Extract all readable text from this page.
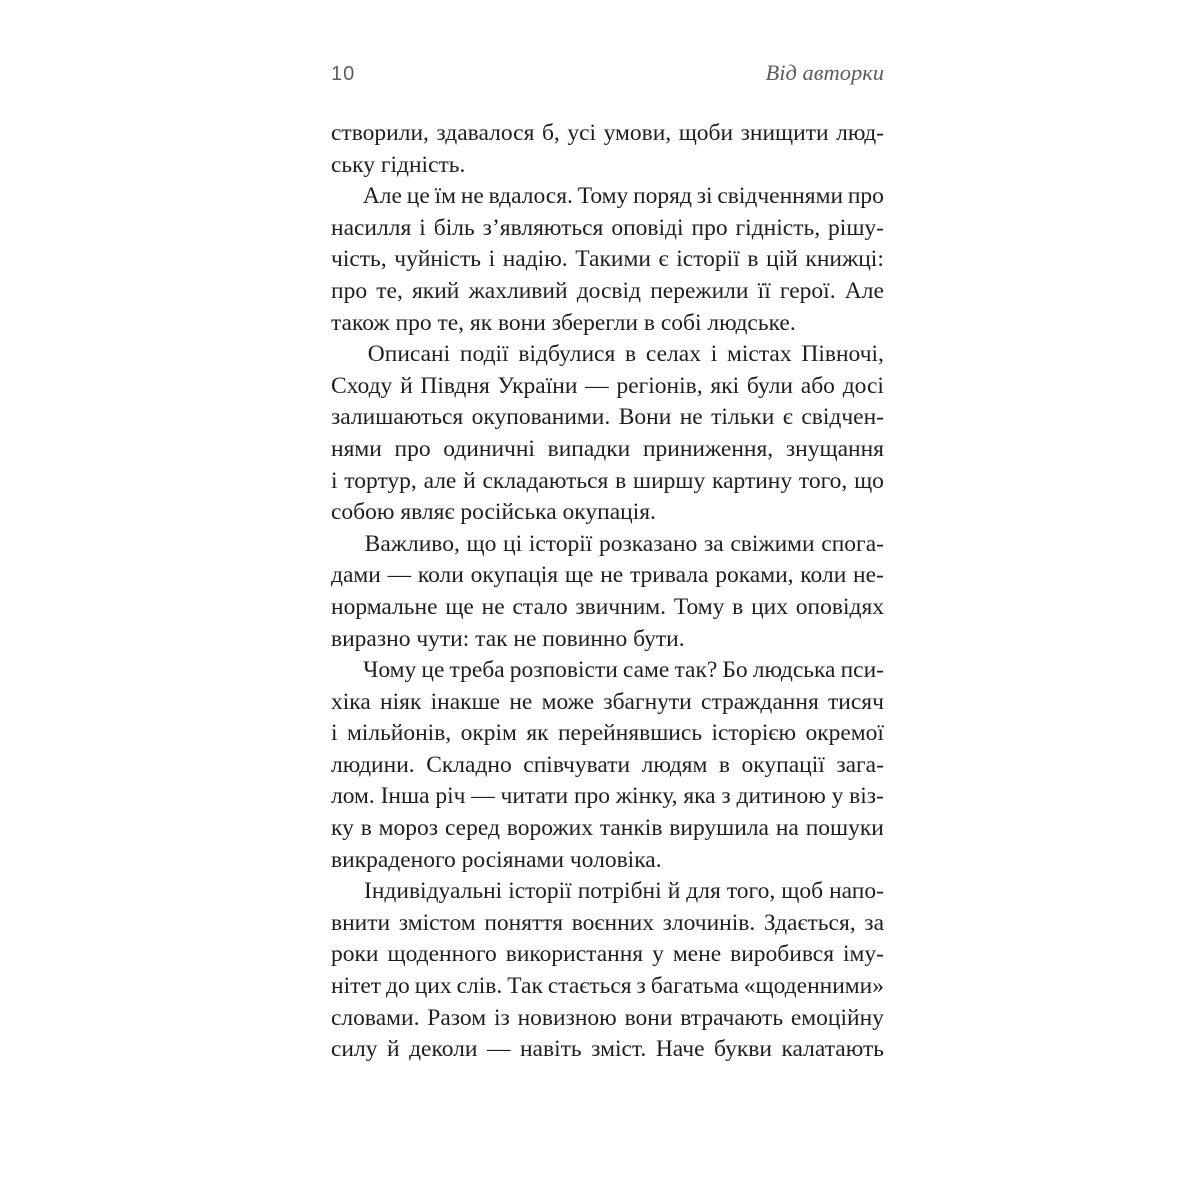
10	Від авторки
створили, здавалося б, усі умови, щоби знищити люд-
ську гідність.
Але це їм не вдалося. Тому поряд зі свідченнями про
насилля і біль з’являються оповіді про гідність, рішу-
чість, чуйність і надію. Такими є історії в цій книжці:
про те, який жахливий досвід пережили її герої. Але
також про те, як вони зберегли в собі людське.
Описані події відбулися в селах і містах Півночі,
Сходу й Півдня України — регіонів, які були або досі
залишаються окупованими. Вони не тільки є свідчен-
нями про одиничні випадки приниження, знущання
і тортур, але й складаються в ширшу картину того, що
собою являє російська окупація.
Важливо, що ці історії розказано за свіжими спога-
дами — коли окупація ще не тривала роками, коли не-
нормальне ще не стало звичним. Тому в цих оповідях
виразно чути: так не повинно бути.
Чому це треба розповісти саме так? Бо людська пси-
хіка ніяк інакше не може збагнути страждання тисяч
і мільйонів, окрім як перейнявшись історією окремої
людини. Складно співчувати людям в окупації зага-
лом. Інша річ — читати про жінку, яка з дитиною у віз-
ку в мороз серед ворожих танків вирушила на пошуки
викраденого росіянами чоловіка.
Індивідуальні історії потрібні й для того, щоб напо-
внити змістом поняття воєнних злочинів. Здається, за
роки щоденного використання у мене виробився іму-
нітет до цих слів. Так стається з багатьма «щоденними»
словами. Разом із новизною вони втрачають емоційну
силу й деколи — навіть зміст. Наче букви калатають
